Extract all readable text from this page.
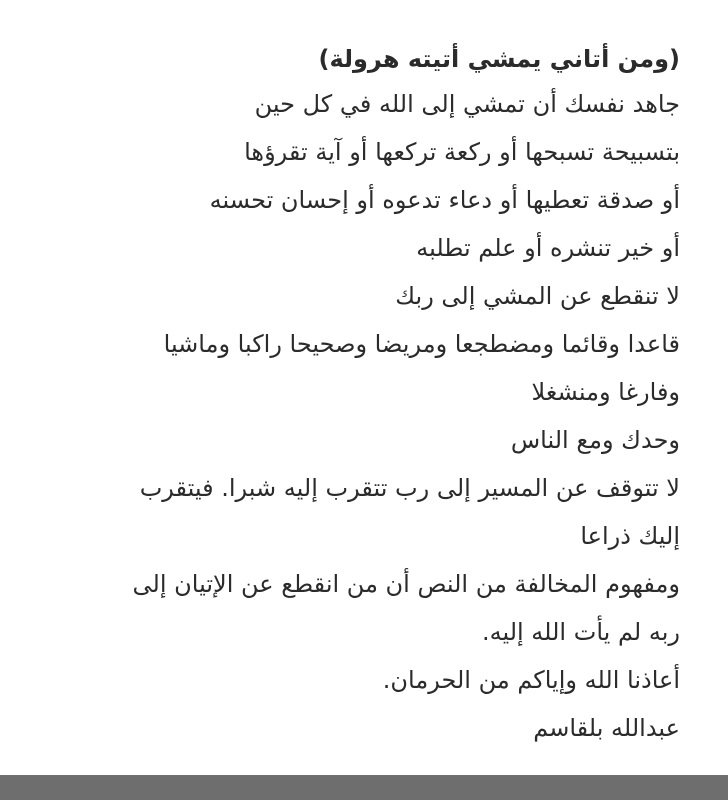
(ومن أتاني يمشي أتيته هرولة)
جاهد نفسك أن تمشي إلى الله في كل حين
بتسبيحة تسبحها أو ركعة تركعها أو آية تقرؤها
أو صدقة تعطيها أو دعاء تدعوه أو إحسان تحسنه
أو خير تنشره أو علم تطلبه
لا تنقطع عن المشي إلى ربك
قاعدا وقائما ومضطجعا ومريضا وصحيحا راكبا وماشيا
وفارغا ومنشغلا
وحدك ومع الناس
لا تتوقف عن المسير إلى رب تتقرب إليه شبرا. فيتقرب
إليك ذراعا
ومفهوم المخالفة من النص أن من انقطع عن الإتيان إلى
ربه لم يأت الله إليه.
أعاذنا الله وإياكم من الحرمان.
عبدالله بلقاسم
